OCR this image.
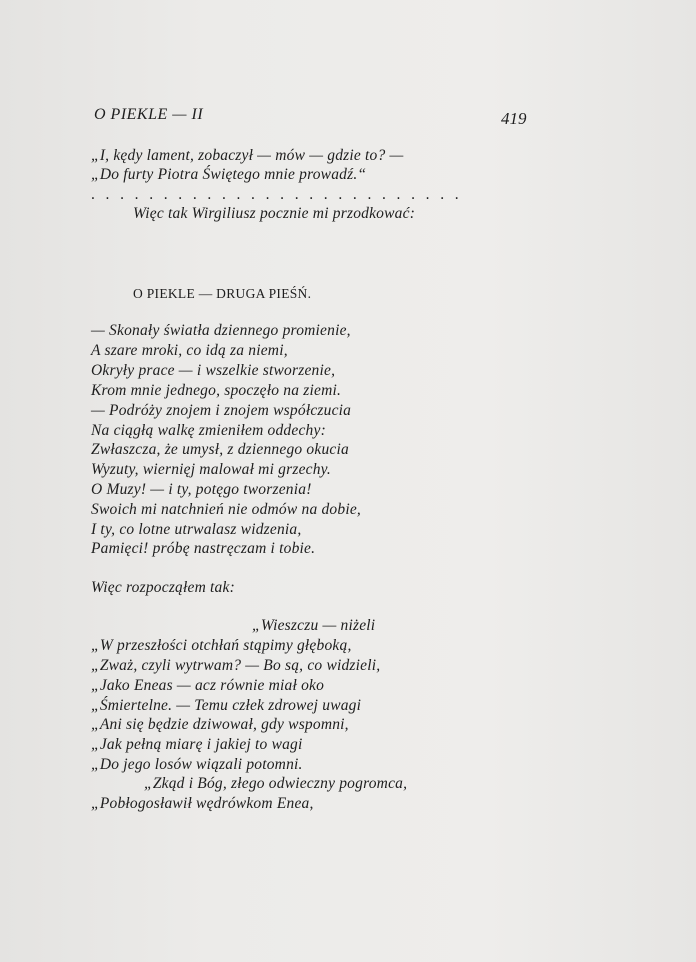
O PIEKLE — II	419
„I, kędy lament, zobaczył — mów — gdzie to? —
„Do furty Piotra Świętego mnie prowadź.“
. . . . . . . . . . . . . . . . . . . . . . . . . .
Więc tak Wirgiliusz pocznie mi przodkować:
O PIEKLE — DRUGA PIEŚŃ.
— Skonały światła dziennego promienie,
A szare mroki, co idą za niemi,
Okryły prace — i wszelkie stworzenie,
Krom mnie jednego, spoczęło na ziemi.
— Podróży znojem i znojem współczucia
Na ciągłą walkę zmieniłem oddechy:
Zwłaszcza, że umysł, z dziennego okucia
Wyzuty, wiernięj malował mi grzechy.
O Muzy! — i ty, potęgo tworzenia!
Swoich mi natchnień nie odmów na dobie,
I ty, co lotne utrwalasz widzenia,
Pamięci! próbę nastręczam i tobie.
Więc rozpocząłem tak:
„Wieszczu — niżeli
„W przeszłości otchłań stąpimy głęboką,
„Zważ, czyli wytrwam? — Bo są, co widzieli,
„Jako Eneas — acz równie miał oko
„Śmiertelne. — Temu człek zdrowej uwagi
„Ani się będzie dziwował, gdy wspomni,
„Jak pełną miarę i jakiej to wagi
„Do jego losów wiązali potomni.
„Zkąd i Bóg, złego odwieczny pogromca,
„Pobłogosławił wędrówkom Enea,
